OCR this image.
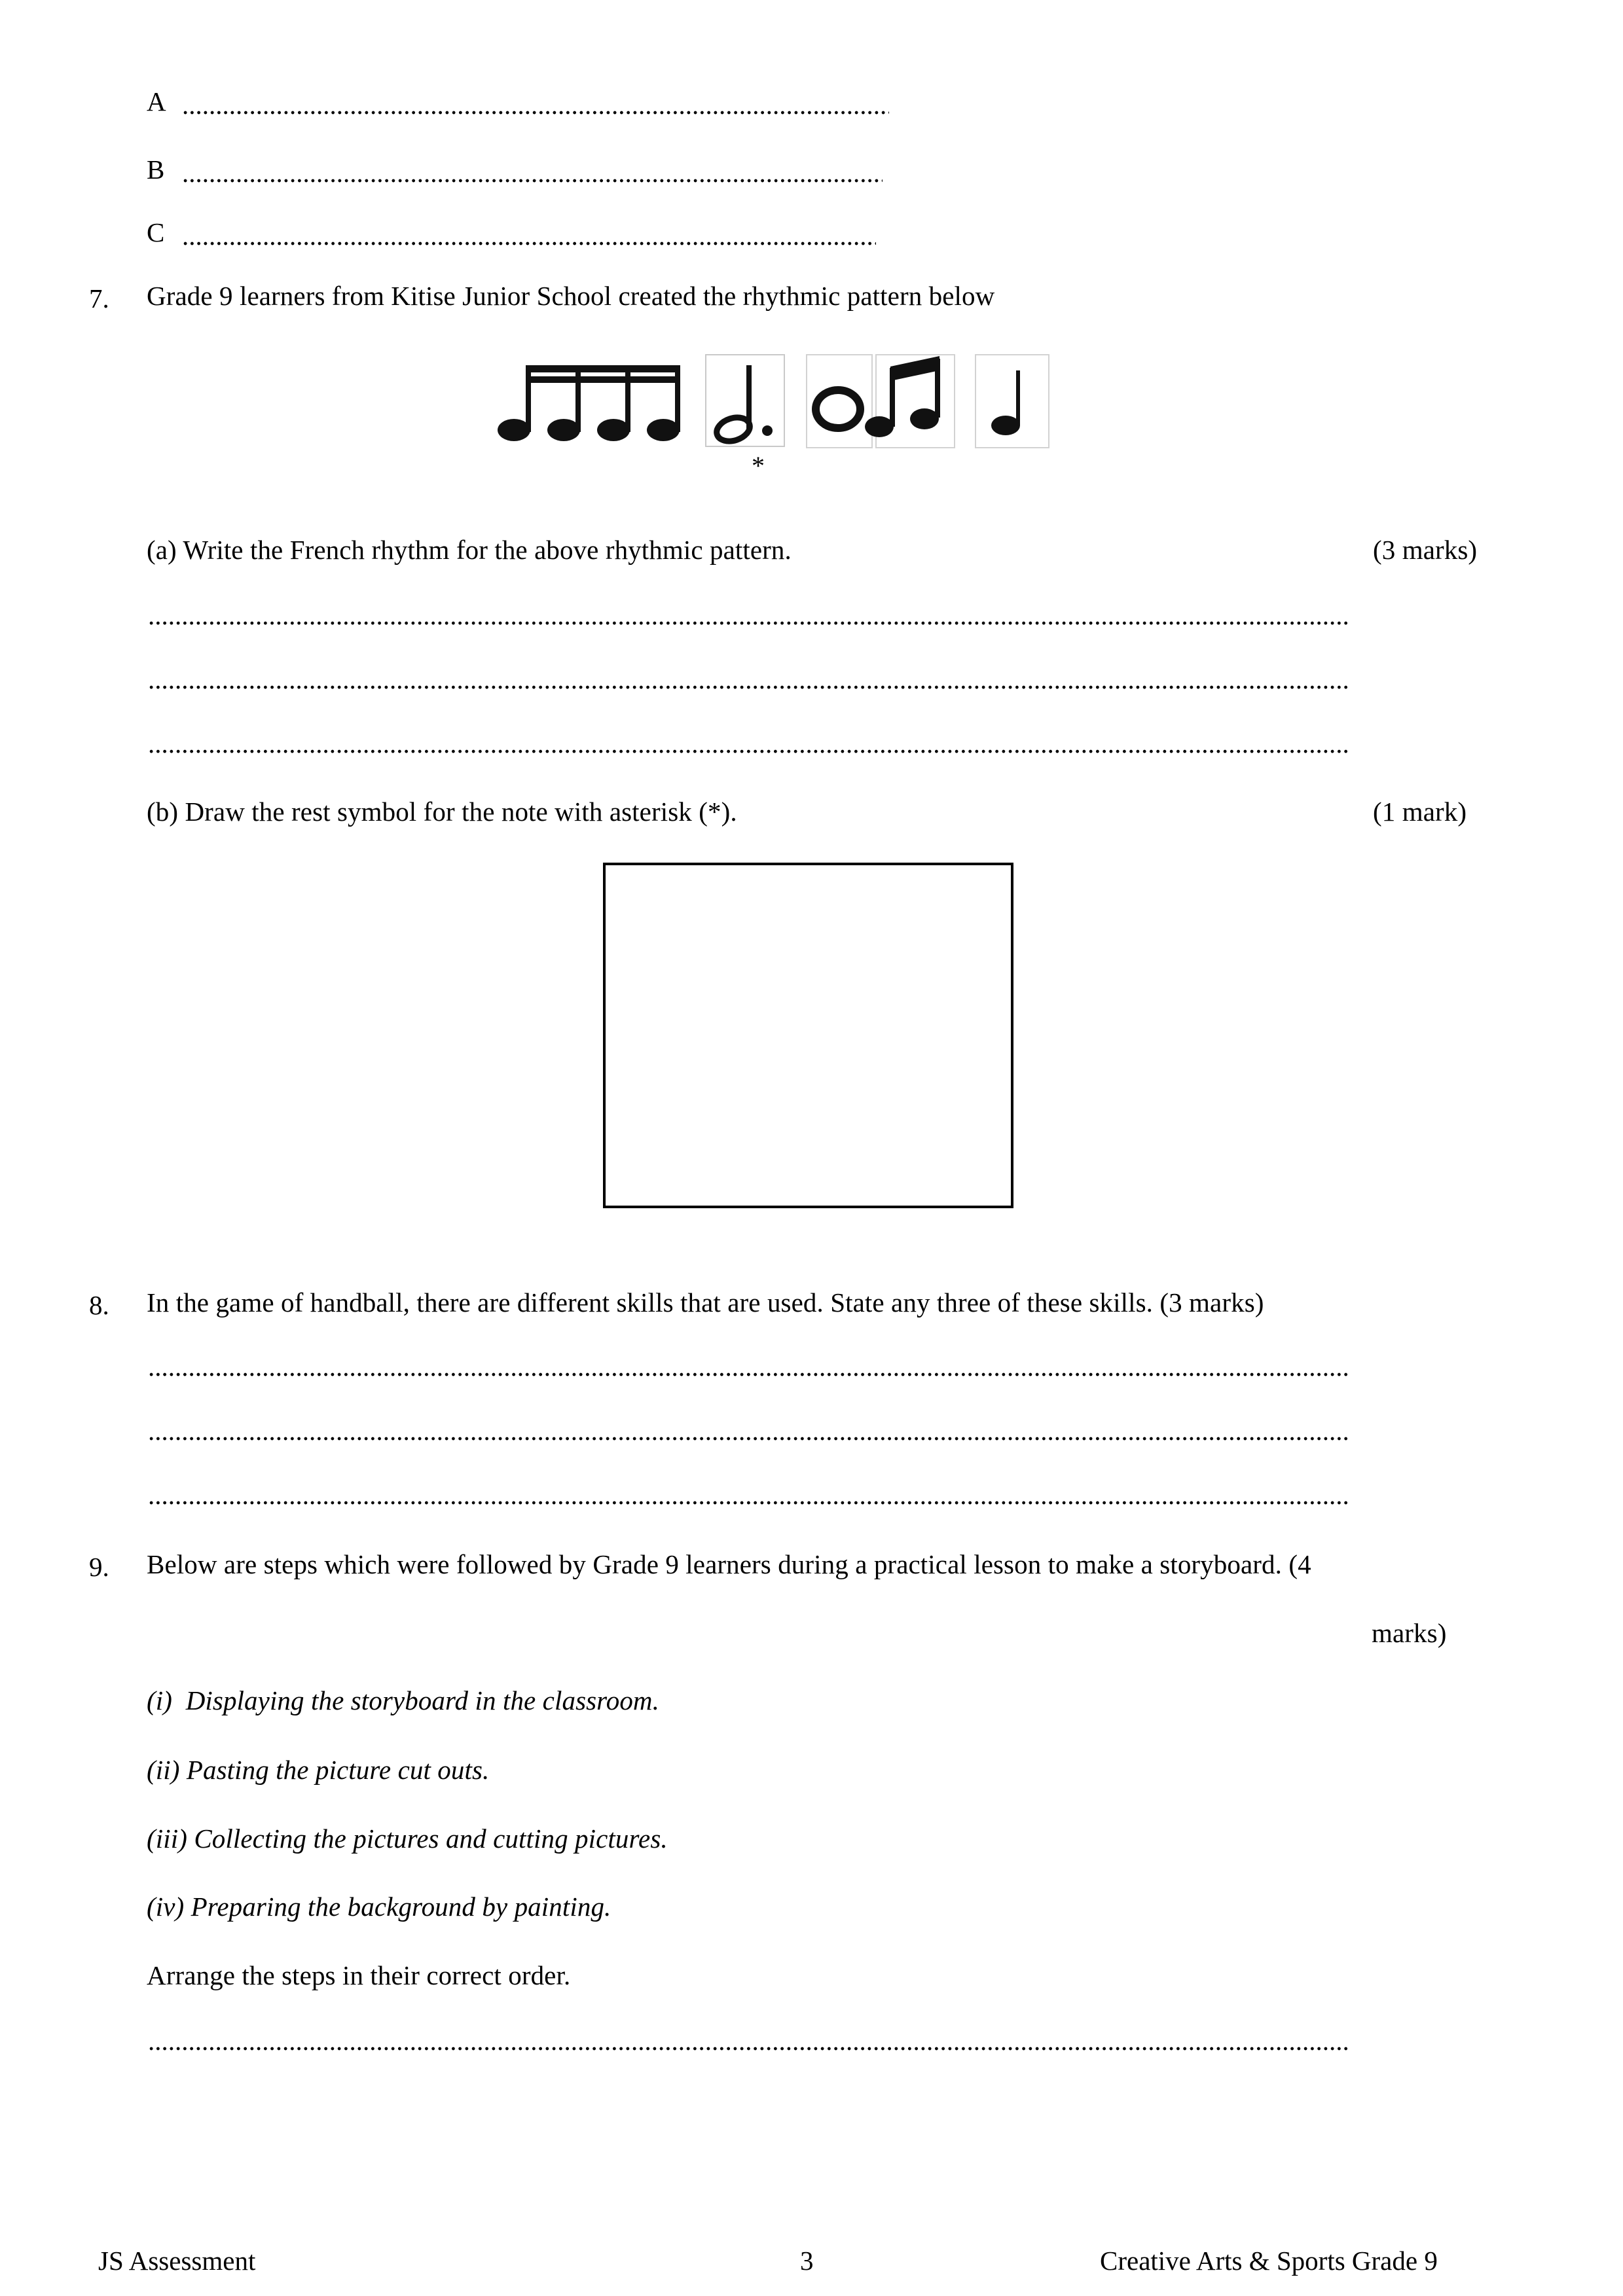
A
.....
B
.....
C
.....
7. Grade 9 learners from Kitise Junior School created the rhythmic pattern below
*
(a) Write the French rhythm for the above rhythmic pattern.	(3 marks)
.....
.....
.....
(b) Draw the rest symbol for the note with asterisk (*).	(1 mark)
8. In the game of handball, there are different skills that are used. State any three of these skills. (3 marks)
.....
.....
.....
9. Below are steps which were followed by Grade 9 learners during a practical lesson to make a storyboard. (4
marks)
(i)  Displaying the storyboard in the classroom.
(ii) Pasting the picture cut outs.
(iii) Collecting the pictures and cutting pictures.
(iv) Preparing the background by painting.
Arrange the steps in their correct order.
.....
JS Assessment	3	Creative Arts & Sports Grade 9
